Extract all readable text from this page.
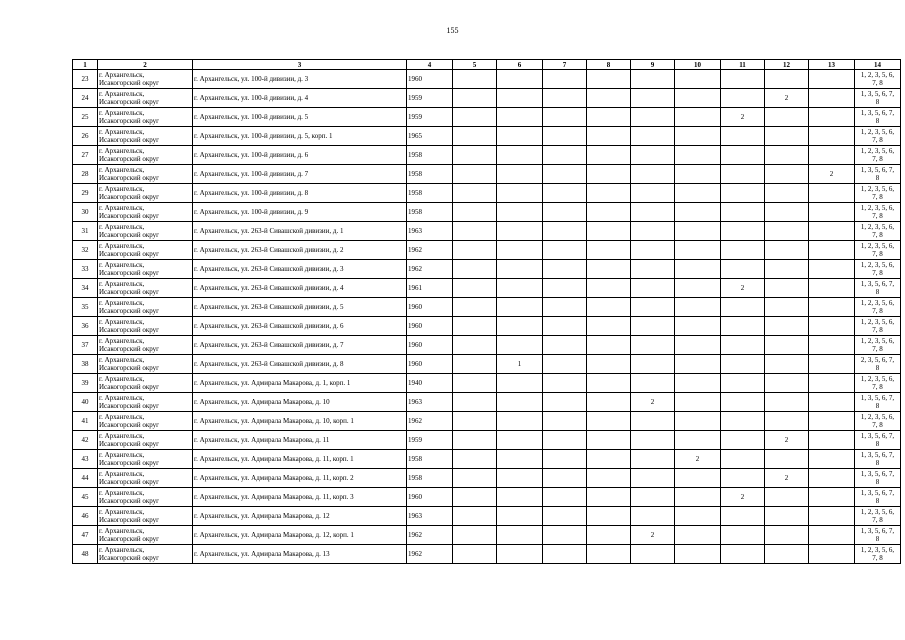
155
1	2	3	4	5	6	7	8	9	10	11	12	13	14
23	г. Архангельск,
Исакогорский округ	г. Архангельск, ул. 100-й дивизии, д. 3	1960										1, 2, 3, 5, 6,
7, 8
24	г. Архангельск,
Исакогорский округ	г. Архангельск, ул. 100-й дивизии, д. 4	1959								2		1, 3, 5, 6, 7,
8
25	г. Архангельск,
Исакогорский округ	г. Архангельск, ул. 100-й дивизии, д. 5	1959							2			1, 3, 5, 6, 7,
8
26	г. Архангельск,
Исакогорский округ	г. Архангельск, ул. 100-й дивизии, д. 5, корп. 1	1965										1, 2, 3, 5, 6,
7, 8
27	г. Архангельск,
Исакогорский округ	г. Архангельск, ул. 100-й дивизии, д. 6	1958										1, 2, 3, 5, 6,
7, 8
28	г. Архангельск,
Исакогорский округ	г. Архангельск, ул. 100-й дивизии, д. 7	1958									2	1, 3, 5, 6, 7,
8
29	г. Архангельск,
Исакогорский округ	г. Архангельск, ул. 100-й дивизии, д. 8	1958										1, 2, 3, 5, 6,
7, 8
30	г. Архангельск,
Исакогорский округ	г. Архангельск, ул. 100-й дивизии, д. 9	1958										1, 2, 3, 5, 6,
7, 8
31	г. Архангельск,
Исакогорский округ	г. Архангельск, ул. 263-й Сивашской дивизии, д. 1	1963										1, 2, 3, 5, 6,
7, 8
32	г. Архангельск,
Исакогорский округ	г. Архангельск, ул. 263-й Сивашской дивизии, д. 2	1962										1, 2, 3, 5, 6,
7, 8
33	г. Архангельск,
Исакогорский округ	г. Архангельск, ул. 263-й Сивашской дивизии, д. 3	1962										1, 2, 3, 5, 6,
7, 8
34	г. Архангельск,
Исакогорский округ	г. Архангельск, ул. 263-й Сивашской дивизии, д. 4	1961							2			1, 3, 5, 6, 7,
8
35	г. Архангельск,
Исакогорский округ	г. Архангельск, ул. 263-й Сивашской дивизии, д. 5	1960										1, 2, 3, 5, 6,
7, 8
36	г. Архангельск,
Исакогорский округ	г. Архангельск, ул. 263-й Сивашской дивизии, д. 6	1960										1, 2, 3, 5, 6,
7, 8
37	г. Архангельск,
Исакогорский округ	г. Архангельск, ул. 263-й Сивашской дивизии, д. 7	1960										1, 2, 3, 5, 6,
7, 8
38	г. Архангельск,
Исакогорский округ	г. Архангельск, ул. 263-й Сивашской дивизии, д. 8	1960		1								2, 3, 5, 6, 7,
8
39	г. Архангельск,
Исакогорский округ	г. Архангельск, ул. Адмирала Макарова, д. 1, корп. 1	1940										1, 2, 3, 5, 6,
7, 8
40	г. Архангельск,
Исакогорский округ	г. Архангельск, ул. Адмирала Макарова, д. 10	1963					2					1, 3, 5, 6, 7,
8
41	г. Архангельск,
Исакогорский округ	г. Архангельск, ул. Адмирала Макарова, д. 10, корп. 1	1962										1, 2, 3, 5, 6,
7, 8
42	г. Архангельск,
Исакогорский округ	г. Архангельск, ул. Адмирала Макарова, д. 11	1959								2		1, 3, 5, 6, 7,
8
43	г. Архангельск,
Исакогорский округ	г. Архангельск, ул. Адмирала Макарова, д. 11, корп. 1	1958						2				1, 3, 5, 6, 7,
8
44	г. Архангельск,
Исакогорский округ	г. Архангельск, ул. Адмирала Макарова, д. 11, корп. 2	1958								2		1, 3, 5, 6, 7,
8
45	г. Архангельск,
Исакогорский округ	г. Архангельск, ул. Адмирала Макарова, д. 11, корп. 3	1960							2			1, 3, 5, 6, 7,
8
46	г. Архангельск,
Исакогорский округ	г. Архангельск, ул. Адмирала Макарова, д. 12	1963										1, 2, 3, 5, 6,
7, 8
47	г. Архангельск,
Исакогорский округ	г. Архангельск, ул. Адмирала Макарова, д. 12, корп. 1	1962					2					1, 3, 5, 6, 7,
8
48	г. Архангельск,
Исакогорский округ	г. Архангельск, ул. Адмирала Макарова, д. 13	1962										1, 2, 3, 5, 6,
7, 8
